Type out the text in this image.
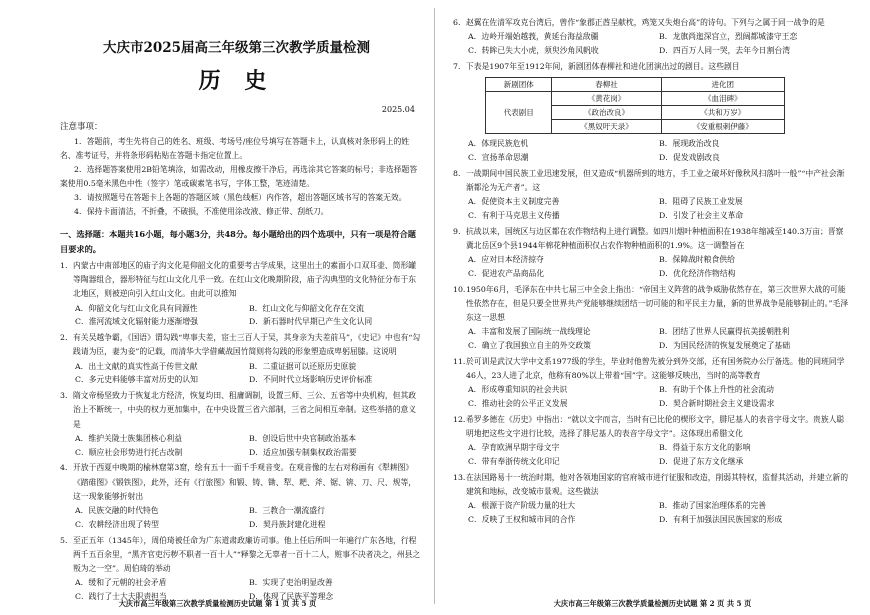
大庆市2025届高三年级第三次教学质量检测
历 史
2025.04
注意事项：
1．答题前，考生先将自己的姓名、班级、考场号/座位号填写在答题卡上，认真核对条形码上的姓名、准考证号，并将条形码粘贴在答题卡指定位置上。
2．选择题答案使用2B铅笔填涂，如需改动，用橡皮擦干净后，再选涂其它答案的标号；非选择题答案使用0.5毫米黑色中性（签字）笔或碳素笔书写，字体工整，笔迹清楚。
3．请按照题号在答题卡上各题的答题区域（黑色线框）内作答，超出答题区域书写的答案无效。
4．保持卡面清洁，不折叠，不破损，不准使用涂改液、修正带、刮纸刀。
一、选择题：本题共16小题，每小题3分，共48分。每小题给出的四个选项中，只有一项是符合题目要求的。
1. 内蒙古中南部地区的庙子沟文化是仰韶文化的重要考古学成果，这里出土的素面小口双耳壶、筒形罐等陶器组合，器形特征与红山文化几乎一致。在红山文化晚期阶段，庙子沟典型的文化特征分布于东北地区，则被逆向引入红山文化。由此可以推知
A．仰韶文化与红山文化具有同源性	B．红山文化与仰韶文化存在交流
C．淮河流域文化辐射能力逐渐增强	D．新石器时代早期已产生文化认同
2. 有关吴越争霸，《国语》谓勾践“卑事夫差，宦士三百人于吴，其身亲为夫差前马”，《史记》中也有“勾践请为臣，妻为妾”的记载，而清华大学借藏战国竹简则将勾践的形象塑造成卑躬屈膝。这说明
A．出土文献的真实性高于传世文献	B．二重证据可以还原历史原貌
C．多元史料能够丰富对历史的认知	D．不同时代立场影响历史评价标准
3. 隋文帝杨坚致力于恢复北方经济，恢复均田、租庸调制，设置三师、三公、五省等中央机构，但其政治上不断统一，中央的权力更加集中，在中央设置三省六部制，三省之间相互牵制。这些举措的意义是
A．维护关陇士族集团核心利益	B．创设后世中央官制政治基本
C．顺应社会形势进行托古改制	D．适应加强专制集权政治需要
4. 开放于西夏中晚期的榆林窟第3窟，绘有五十一面千手观音变。在观音像的左右对称画有《犁耕图》《踏碓图》《锻铁图》，此外，还有《行旅图》和锻、铸、锄、犁、耙、斧、锯、锛、刀、尺、规等，这一现象能够折射出
A．民族交融的时代特色	B．三教合一潮流盛行
C．农耕经济出现了转型	D．契丹族封建化进程
5. 至正五年（1345年），周伯琦被任命为广东道肃政廉访司事。他上任后所叫一年遍行广东各地，行程两千五百余里，“黑齐官吏污秽不职者一百十人”“释黎之无辜者一百十二人，赃事不决者决之，州县之叛为之一空”。周伯琦的举动
A．缓和了元朝的社会矛盾	B．实现了吏治明显改善
C．践行了士大夫职责担当	D．体现了民族平等理念
大庆市高三年级第三次教学质量检测历史试题 第 1 页 共 5 页
6. 赵翼在佐清军攻克台湾后，曾作“象郡正酋呈献枕，鸡笼又失炮台高”的诗句。下列与之属于同一战争的是
A．边岭开端始越莪，黄延台海益敌疆	B．龙旗尚迤深宫立，烈阔都城漆守王恋
C．转眸已失大小虎，须臾沙角风帆收	D．四百万人同一哭，去年今日割台湾
7. 下表是1907年至1912年间，新剧团体春柳社和进化团演出过的剧目。这些剧目
新剧团体	春柳社	进化团
代表剧目	《黄花岗》	《血泪碑》
	《政治改良》	《共和万岁》
	《黑奴吁天录》	《安重根刺伊藤》
A．体现民族危机	B．展现政治改良
C．宣扬革命思潮	D．促发戏剧改良
8. 一战期间中国民族工业迅速发展，但又造成“机器所到的地方，手工业之破坏好像秋风扫落叶一般”“中产社会渐渐都沦为无产者”。这
A．促使资本主义制度完善	B．阻碍了民族工业发展
C．有利于马克思主义传播	D．引发了社会主义革命
9. 抗战以来，国统区与边区都在农作物结构上进行调整。如四川烟叶种植面积在1938年缩减至140.3万亩；晋察冀北岳区9个县1944年棉花种植面积仅占农作物种植面积的1.9%。这一调整旨在
A．应对日本经济掠夺	B．保障战时粮食供给
C．促进农产品商品化	D．优化经济作物结构
10. 1950年6月，毛泽东在中共七届三中全会上指出：“帝国主义阵营的战争威胁依然存在，第三次世界大战的可能性依然存在，但是只要全世界共产党能够继续团结一切可能的和平民主力量，新的世界战争是能够制止的。”毛泽东这一思想
A．丰富和发展了国际统一战线理论	B．团结了世界人民赢得抗美援朝胜利
C．确立了我国独立自主的外交政策	D．为国民经济的恢复发展奠定了基础
11. 於可训是武汉大学中文系1977级的学生，毕业时他曾先被分到外交部，还有国务院办公厅备选。他的同班同学46人，23人进了北京，他称有80%以上带着“国”字。这能够反映出，当时的高等教育
A．形成尊重知识的社会共识	B．有助于个体上升性的社会流动
C．推动社会的公平正义发展	D．契合新时期社会主义建设需求
12. 希罗多德在《历史》中指出：“就以文字而言，当时有已比伦的楔形文字，腓尼基人的表音字母文字。贵族人聪明地把这些文字进行比较，选择了腓尼基人的表音字母文字”。这体现出希腊文化
A．孕育欧洲早期字母文字	B．得益于东方文化的影响
C．带有奉浙传统文化印记	D．促进了东方文化继承
13. 在法国路易十一统治时期，他对各领地国家的官府城市进行征服和改造，削弱其特权，监督其活动，并建立新的建筑和地标，改变城市景观。这些做法
A．根源于资产阶级力量的壮大	B．推动了国家治理体系的完善
C．反映了王权和城市同的合作	D．有利于加强法国民族国家的形成
大庆市高三年级第三次教学质量检测历史试题 第 2 页 共 5 页
